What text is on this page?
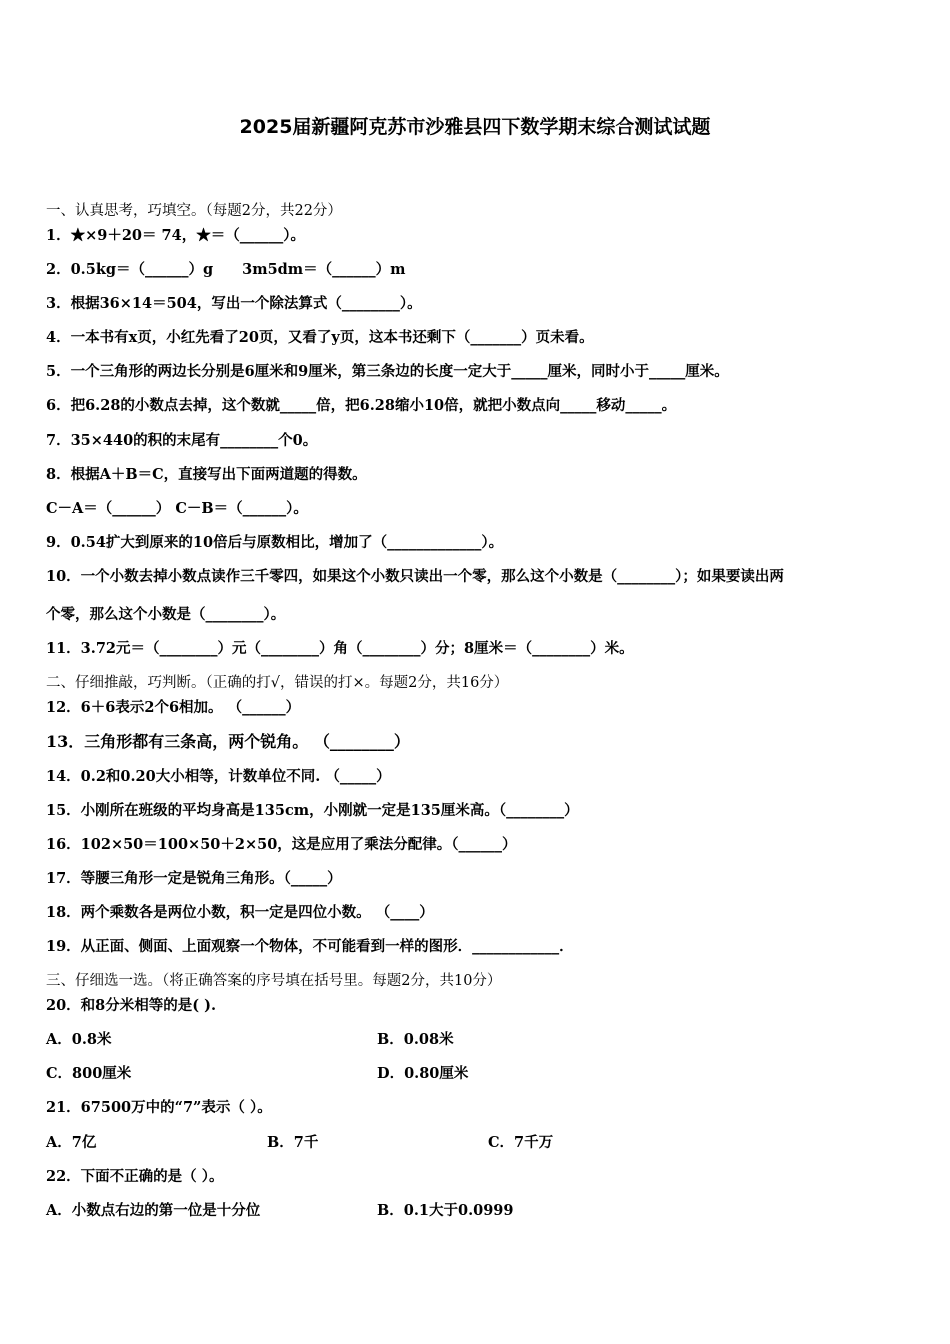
2025届新疆阿克苏市沙雅县四下数学期末综合测试试题
一、认真思考，巧填空。（每题2分，共22分）
1．★×9＋20＝ 74，★＝（______）。
2．0.5kg＝（______）g　　3m5dm＝（______）m
3．根据36×14＝504，写出一个除法算式（________）。
4．一本书有x页，小红先看了20页，又看了y页，这本书还剩下（_______）页未看。
5．一个三角形的两边长分别是6厘米和9厘米，第三条边的长度一定大于_____厘米，同时小于_____厘米。
6．把6.28的小数点去掉，这个数就_____倍，把6.28缩小10倍，就把小数点向_____移动_____。
7．35×440的积的末尾有________个0。
8．根据A＋B＝C，直接写出下面两道题的得数。
C－A＝（______） C－B＝（______）。
9．0.54扩大到原来的10倍后与原数相比，增加了（_____________）。
10．一个小数去掉小数点读作三千零四，如果这个小数只读出一个零，那么这个小数是（________）；如果要读出两
个零，那么这个小数是（________）。
11．3.72元＝（________）元（________）角（________）分；8厘米＝（________）米。
二、仔细推敲，巧判断。（正确的打√，错误的打×。每题2分，共16分）
12．6＋6表示2个6相加。 （______）
13．三角形都有三条高，两个锐角。 （________）
14．0.2和0.20大小相等，计数单位不同. （_____）
15．小刚所在班级的平均身高是135cm，小刚就一定是135厘米高。（________）
16．102×50＝100×50＋2×50，这是应用了乘法分配律。（______）
17．等腰三角形一定是锐角三角形。（_____）
18．两个乘数各是两位小数，积一定是四位小数。 （____）
19．从正面、侧面、上面观察一个物体，不可能看到一样的图形．____________．
三、仔细选一选。（将正确答案的序号填在括号里。每题2分，共10分）
20．和8分米相等的是( ).
A．0.8米	B．0.08米
C．800厘米	D．0.80厘米
21．67500万中的“7”表示（ ）。
A．7亿	B．7千	C．7千万
22．下面不正确的是（ ）。
A．小数点右边的第一位是十分位	B．0.1大于0.0999
